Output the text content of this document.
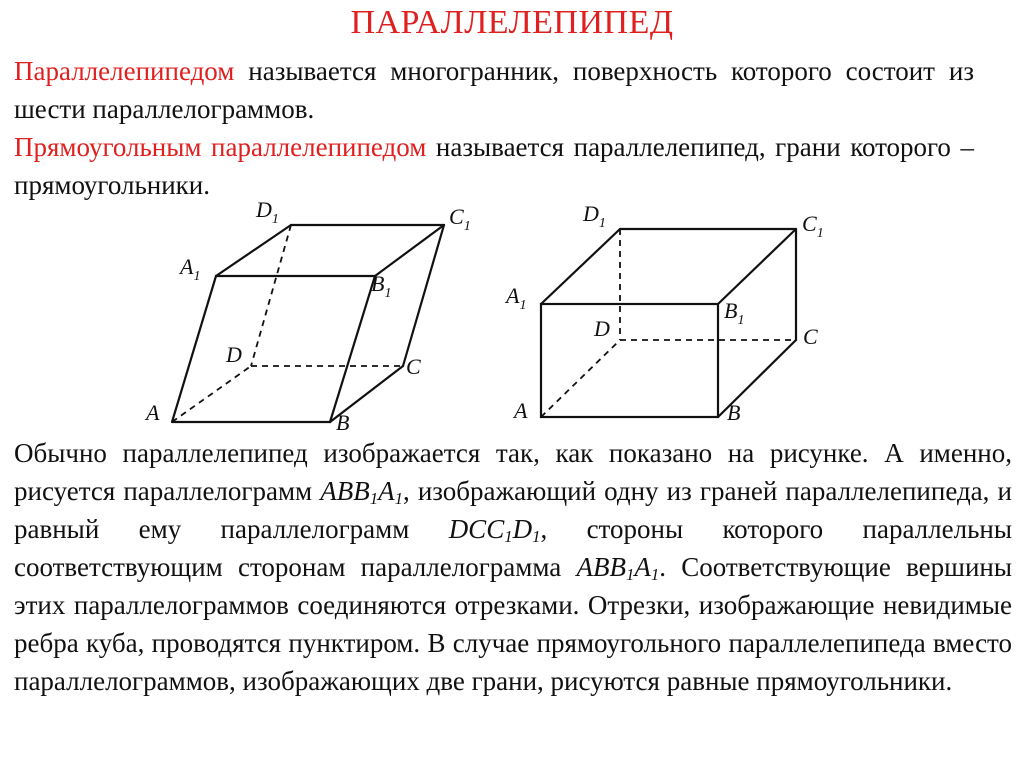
ПАРАЛЛЕЛЕПИПЕД
Параллелепипедом называется многогранник, поверхность которого состоит из шести параллелограммов.
Прямоугольным параллелепипедом называется параллелепипед, грани которого – прямоугольники.
$D_1$	$C_1$
$A_1$	$B_1$
D	C
A	B
$D_1$	$C_1$
$A_1$	$B_1$
D	C
A	B
Обычно параллелепипед изображается так, как показано на рисунке. А именно, рисуется параллелограмм $ABB_1A_1$, изображающий одну из граней параллелепипеда, и равный ему параллелограмм $DCC_1D_1$, стороны которого параллельны соответствующим сторонам параллелограмма $ABB_1A_1$. Соответствующие вершины этих параллелограммов соединяются отрезками. Отрезки, изображающие невидимые ребра куба, проводятся пунктиром. В случае прямоугольного параллелепипеда вместо параллелограммов, изображающих две грани, рисуются равные прямоугольники.
